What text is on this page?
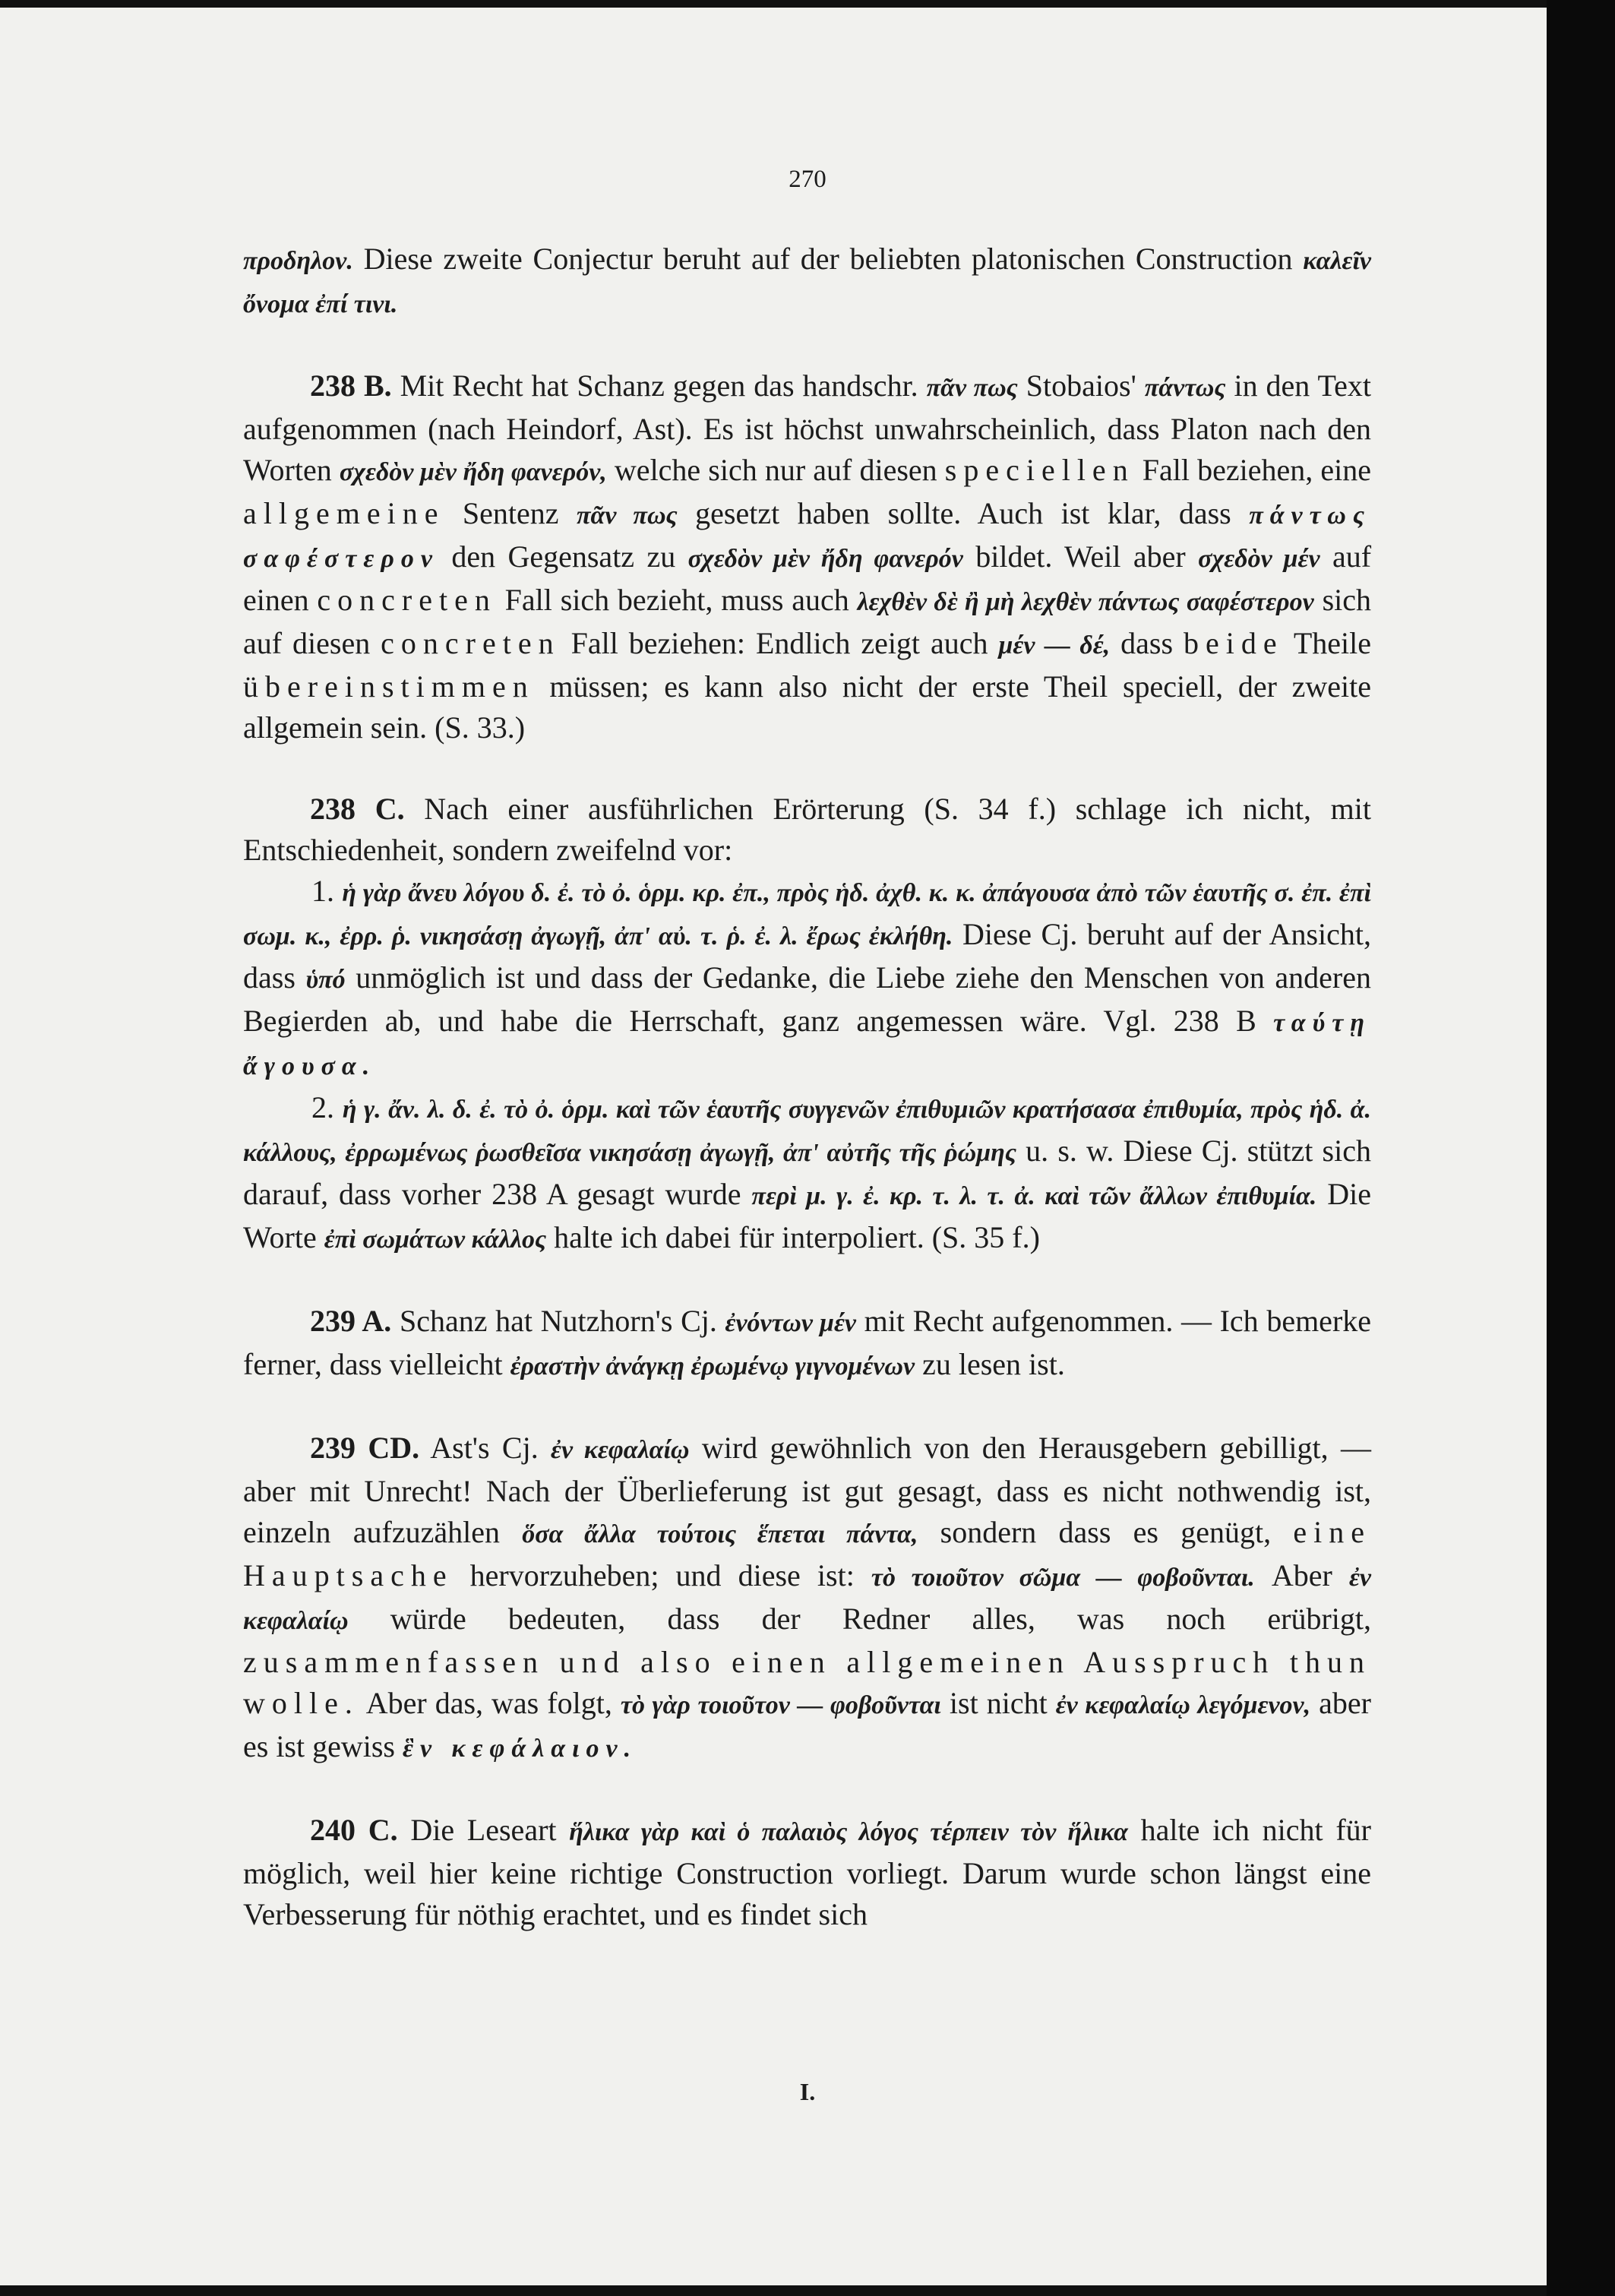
270

προδηλον. Diese zweite Conjectur beruht auf der beliebten platonischen Construction καλεῖν ὄνομα ἐπί τινι.

238 B. Mit Recht hat Schanz gegen das handschr. πᾶν πως Stobaios' πάντως in den Text aufgenommen (nach Heindorf, Ast). Es ist höchst unwahrscheinlich, dass Platon nach den Worten σχεδὸν μὲν ἤδη φανερόν, welche sich nur auf diesen speciellen Fall beziehen, eine allgemeine Sentenz πᾶν πως gesetzt haben sollte. Auch ist klar, dass πάντως σαφέστερον den Gegensatz zu σχεδὸν μὲν ἤδη φανερόν bildet. Weil aber σχεδὸν μέν auf einen concreten Fall sich bezieht, muss auch λεχθὲν δὲ ἢ μὴ λεχθὲν πάντως σαφέστερον sich auf diesen concreten Fall beziehen: Endlich zeigt auch μέν — δέ, dass beide Theile übereinstimmen müssen; es kann also nicht der erste Theil speciell, der zweite allgemein sein. (S. 33.)

238 C. Nach einer ausführlichen Erörterung (S. 34 f.) schlage ich nicht, mit Entschiedenheit, sondern zweifelnd vor:

1. ἡ γὰρ ἄνευ λόγου δ. ἐ. τὸ ὀ. ὁρμ. κρ. ἐπ., πρὸς ἡδ. ἀχθ. κ. κ. ἀπάγουσα ἀπὸ τῶν ἑαυτῆς σ. ἐπ. ἐπὶ σωμ. κ., ἐρρ. ῥ. νικησάσῃ ἀγωγῇ, ἀπ' αὐ. τ. ῥ. ἐ. λ. ἔρως ἐκλήθη. Diese Cj. beruht auf der Ansicht, dass ὑπό unmöglich ist und dass der Gedanke, die Liebe ziehe den Menschen von anderen Begierden ab, und habe die Herrschaft, ganz angemessen wäre. Vgl. 238 B ταύτῃ ἄγουσα.

2. ἡ γ. ἄν. λ. δ. ἐ. τὸ ὀ. ὁρμ. καὶ τῶν ἑαυτῆς συγγενῶν ἐπιθυμιῶν κρατήσασα ἐπιθυμία, πρὸς ἡδ. ἀ. κάλλους, ἐρρωμένως ῥωσθεῖσα νικησάσῃ ἀγωγῇ, ἀπ' αὐτῆς τῆς ῥώμης u. s. w. Diese Cj. stützt sich darauf, dass vorher 238 A gesagt wurde περὶ μ. γ. ἐ. κρ. τ. λ. τ. ἀ. καὶ τῶν ἄλλων ἐπιθυμία. Die Worte ἐπὶ σωμάτων κάλλος halte ich dabei für interpoliert. (S. 35 f.)

239 A. Schanz hat Nutzhorn's Cj. ἐνόντων μέν mit Recht aufgenommen. — Ich bemerke ferner, dass vielleicht ἐραστὴν ἀνάγκῃ ἐρωμένῳ γιγνομένων zu lesen ist.

239 CD. Ast's Cj. ἐν κεφαλαίῳ wird gewöhnlich von den Herausgebern gebilligt, — aber mit Unrecht! Nach der Überlieferung ist gut gesagt, dass es nicht nothwendig ist, einzeln aufzuzählen ὅσα ἄλλα τούτοις ἕπεται πάντα, sondern dass es genügt, eine Hauptsache hervorzuheben; und diese ist: τὸ τοιοῦτον σῶμα — φοβοῦνται. Aber ἐν κεφαλαίῳ würde bedeuten, dass der Redner alles, was noch erübrigt, zusammenfassen und also einen allgemeinen Ausspruch thun wolle. Aber das, was folgt, τὸ γὰρ τοιοῦτον — φοβοῦνται ist nicht ἐν κεφαλαίῳ λεγόμενον, aber es ist gewiss ἓν κεφάλαιον.

240 C. Die Leseart ἥλικα γὰρ καὶ ὁ παλαιὸς λόγος τέρπειν τὸν ἥλικα halte ich nicht für möglich, weil hier keine richtige Construction vorliegt. Darum wurde schon längst eine Verbesserung für nöthig erachtet, und es findet sich

I.
